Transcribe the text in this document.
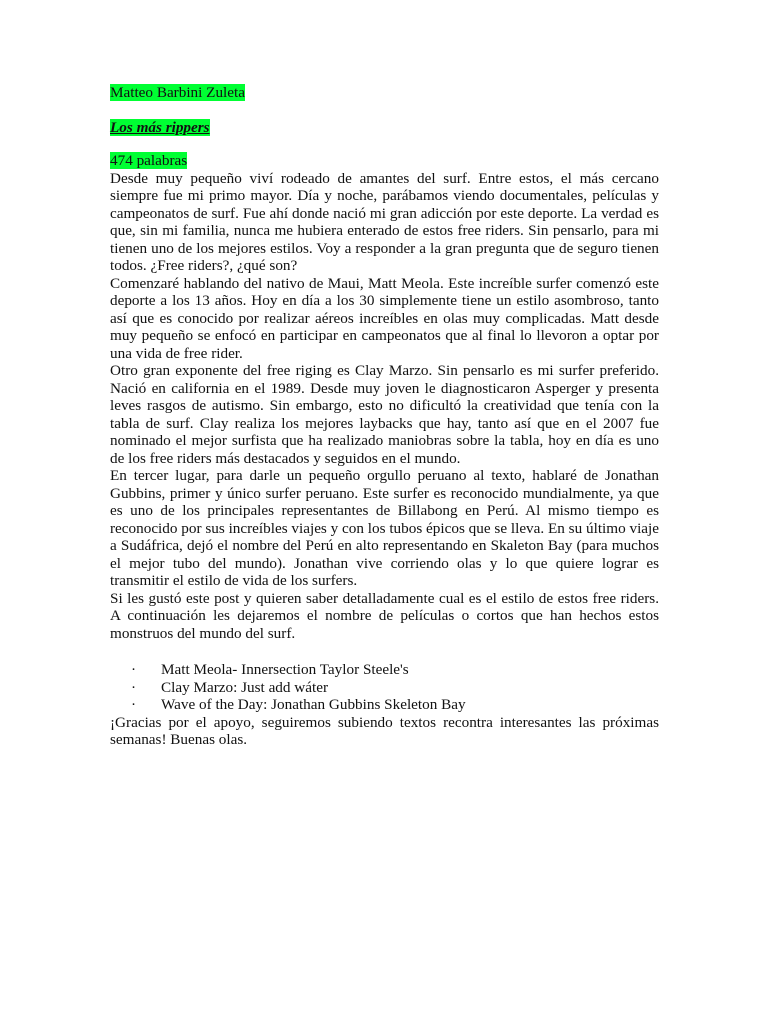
Matteo Barbini Zuleta
Los más rippers
474 palabras

Desde muy pequeño viví rodeado de amantes del surf. Entre estos, el más cercano siempre fue mi primo mayor. Día y noche, parábamos viendo documentales, películas y campeonatos de surf. Fue ahí donde nació mi gran adicción por este deporte. La verdad es que, sin mi familia, nunca me hubiera enterado de estos free riders. Sin pensarlo, para mi tienen uno de los mejores estilos. Voy a responder a la gran pregunta que de seguro tienen todos. ¿Free riders?, ¿qué son?

Comenzaré hablando del nativo de Maui, Matt Meola. Este increíble surfer comenzó este deporte a los 13 años. Hoy en día a los 30 simplemente tiene un estilo asombroso, tanto así que es conocido por realizar aéreos increíbles en olas muy complicadas. Matt desde muy pequeño se enfocó en participar en campeonatos que al final lo llevoron a optar por una vida de free rider.

Otro gran exponente del free riging es Clay Marzo. Sin pensarlo es mi surfer preferido. Nació en california en el 1989. Desde muy joven le diagnosticaron Asperger y presenta leves rasgos de autismo. Sin embargo, esto no dificultó la creatividad que tenía con la tabla de surf. Clay realiza los mejores laybacks que hay, tanto así que en el 2007 fue nominado el mejor surfista que ha realizado maniobras sobre la tabla, hoy en día es uno de los free riders más destacados y seguidos en el mundo.

En tercer lugar, para darle un pequeño orgullo peruano al texto, hablaré de Jonathan Gubbins, primer y único surfer peruano. Este surfer es reconocido mundialmente, ya que es uno de los principales representantes de Billabong en Perú. Al mismo tiempo es reconocido por sus increíbles viajes y con los tubos épicos que se lleva. En su último viaje a Sudáfrica, dejó el nombre del Perú en alto representando en Skaleton Bay (para muchos el mejor tubo del mundo). Jonathan vive corriendo olas y lo que quiere lograr es transmitir el estilo de vida de los surfers.

Si les gustó este post y quieren saber detalladamente cual es el estilo de estos free riders. A continuación les dejaremos el nombre de películas o cortos que han hechos estos monstruos del mundo del surf.

·	Matt Meola- Innersection Taylor Steele's
·	Clay Marzo: Just add wáter
·	Wave of the Day: Jonathan Gubbins Skeleton Bay

¡Gracias por el apoyo, seguiremos subiendo textos recontra interesantes las próximas semanas! Buenas olas.
